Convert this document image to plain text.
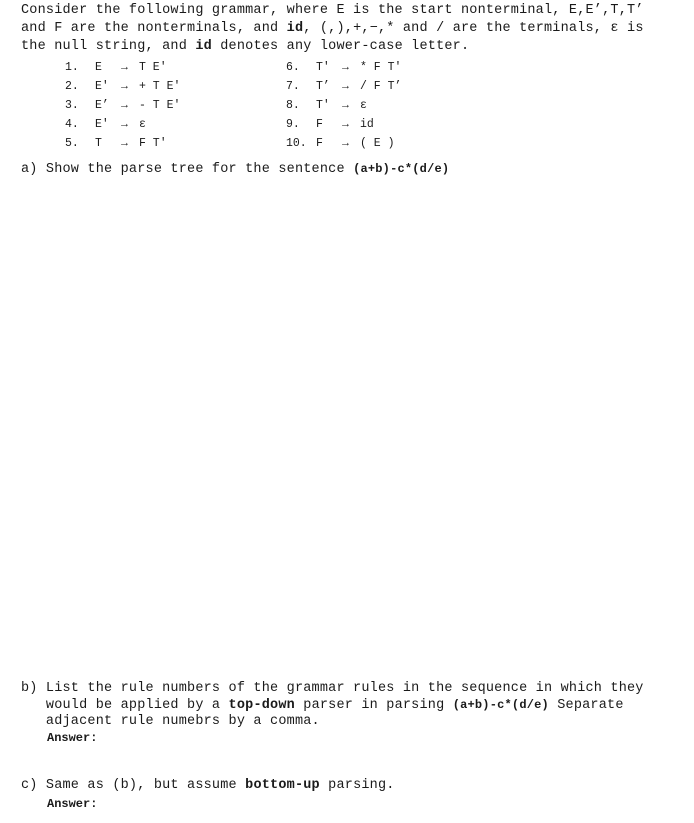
Consider the following grammar, where E is the start nonterminal, E,E’,T,T’
and F are the nonterminals, and id, (,),+,−,* and / are the terminals, ε is
the null string, and id denotes any lower-case letter.
1. E → T E'
2. E' → + T E'
3. E’ → - T E'
4. E' → ε
5. T → F T'
6. T' → * F T'
7. T’ → / F T’
8. T' → ε
9. F → id
10. F → ( E )
a) Show the parse tree for the sentence (a+b)-c*(d/e)
b) List the rule numbers of the grammar rules in the sequence in which they
would be applied by a top-down parser in parsing (a+b)-c*(d/e) Separate
adjacent rule numebrs by a comma.
Answer:
c) Same as (b), but assume bottom-up parsing.
Answer:
